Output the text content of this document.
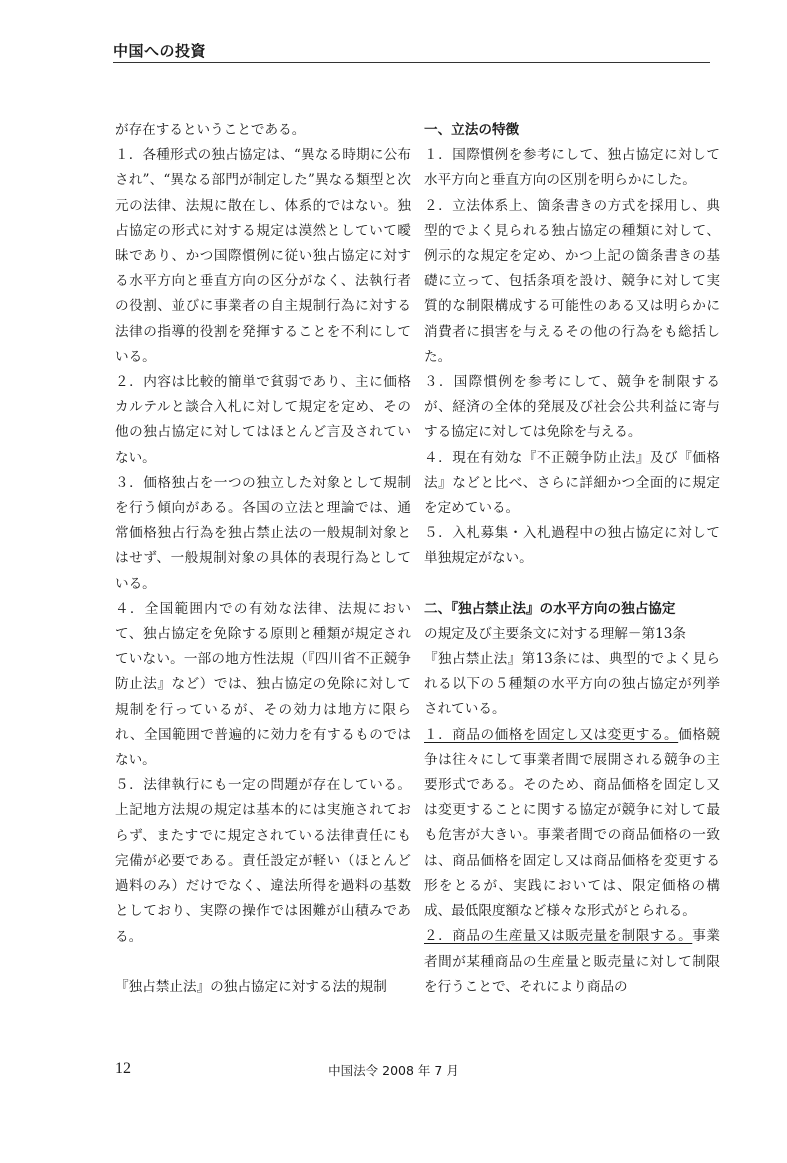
中国への投資

が存在するということである。

１．各種形式の独占協定は、“異なる時期に公布され”、“異なる部門が制定した”異なる類型と次元の法律、法規に散在し、体系的ではない。独占協定の形式に対する規定は漠然としていて曖昧であり、かつ国際慣例に従い独占協定に対する水平方向と垂直方向の区分がなく、法執行者の役割、並びに事業者の自主規制行為に対する法律の指導的役割を発揮することを不利にしている。

２．内容は比較的簡単で貧弱であり、主に価格カルテルと談合入札に対して規定を定め、その他の独占協定に対してはほとんど言及されていない。

３．価格独占を一つの独立した対象として規制を行う傾向がある。各国の立法と理論では、通常価格独占行為を独占禁止法の一般規制対象とはせず、一般規制対象の具体的表現行為としている。

４．全国範囲内での有効な法律、法規において、独占協定を免除する原則と種類が規定されていない。一部の地方性法規（『四川省不正競争防止法』など）では、独占協定の免除に対して規制を行っているが、その効力は地方に限られ、全国範囲で普遍的に効力を有するものではない。

５．法律執行にも一定の問題が存在している。上記地方法規の規定は基本的には実施されておらず、またすでに規定されている法律責任にも完備が必要である。責任設定が軽い（ほとんど過料のみ）だけでなく、違法所得を過料の基数としており、実際の操作では困難が山積みである。

『独占禁止法』の独占協定に対する法的規制

一、立法の特徴

１．国際慣例を参考にして、独占協定に対して水平方向と垂直方向の区別を明らかにした。

２．立法体系上、箇条書きの方式を採用し、典型的でよく見られる独占協定の種類に対して、例示的な規定を定め、かつ上記の箇条書きの基礎に立って、包括条項を設け、競争に対して実質的な制限構成する可能性のある又は明らかに消費者に損害を与えるその他の行為をも総括した。

３．国際慣例を参考にして、競争を制限するが、経済の全体的発展及び社会公共利益に寄与する協定に対しては免除を与える。

４．現在有効な『不正競争防止法』及び『価格法』などと比べ、さらに詳細かつ全面的に規定を定めている。

５．入札募集・入札過程中の独占協定に対して単独規定がない。

二、『独占禁止法』の水平方向の独占協定

の規定及び主要条文に対する理解－第13条

『独占禁止法』第13条には、典型的でよく見られる以下の５種類の水平方向の独占協定が列挙されている。

１．商品の価格を固定し又は変更する。価格競争は往々にして事業者間で展開される競争の主要形式である。そのため、商品価格を固定し又は変更することに関する協定が競争に対して最も危害が大きい。事業者間での商品価格の一致は、商品価格を固定し又は商品価格を変更する形をとるが、実践においては、限定価格の構成、最低限度額など様々な形式がとられる。

２．商品の生産量又は販売量を制限する。事業者間が某種商品の生産量と販売量に対して制限を行うことで、それにより商品の

12	中国法令 2008 年 7 月
